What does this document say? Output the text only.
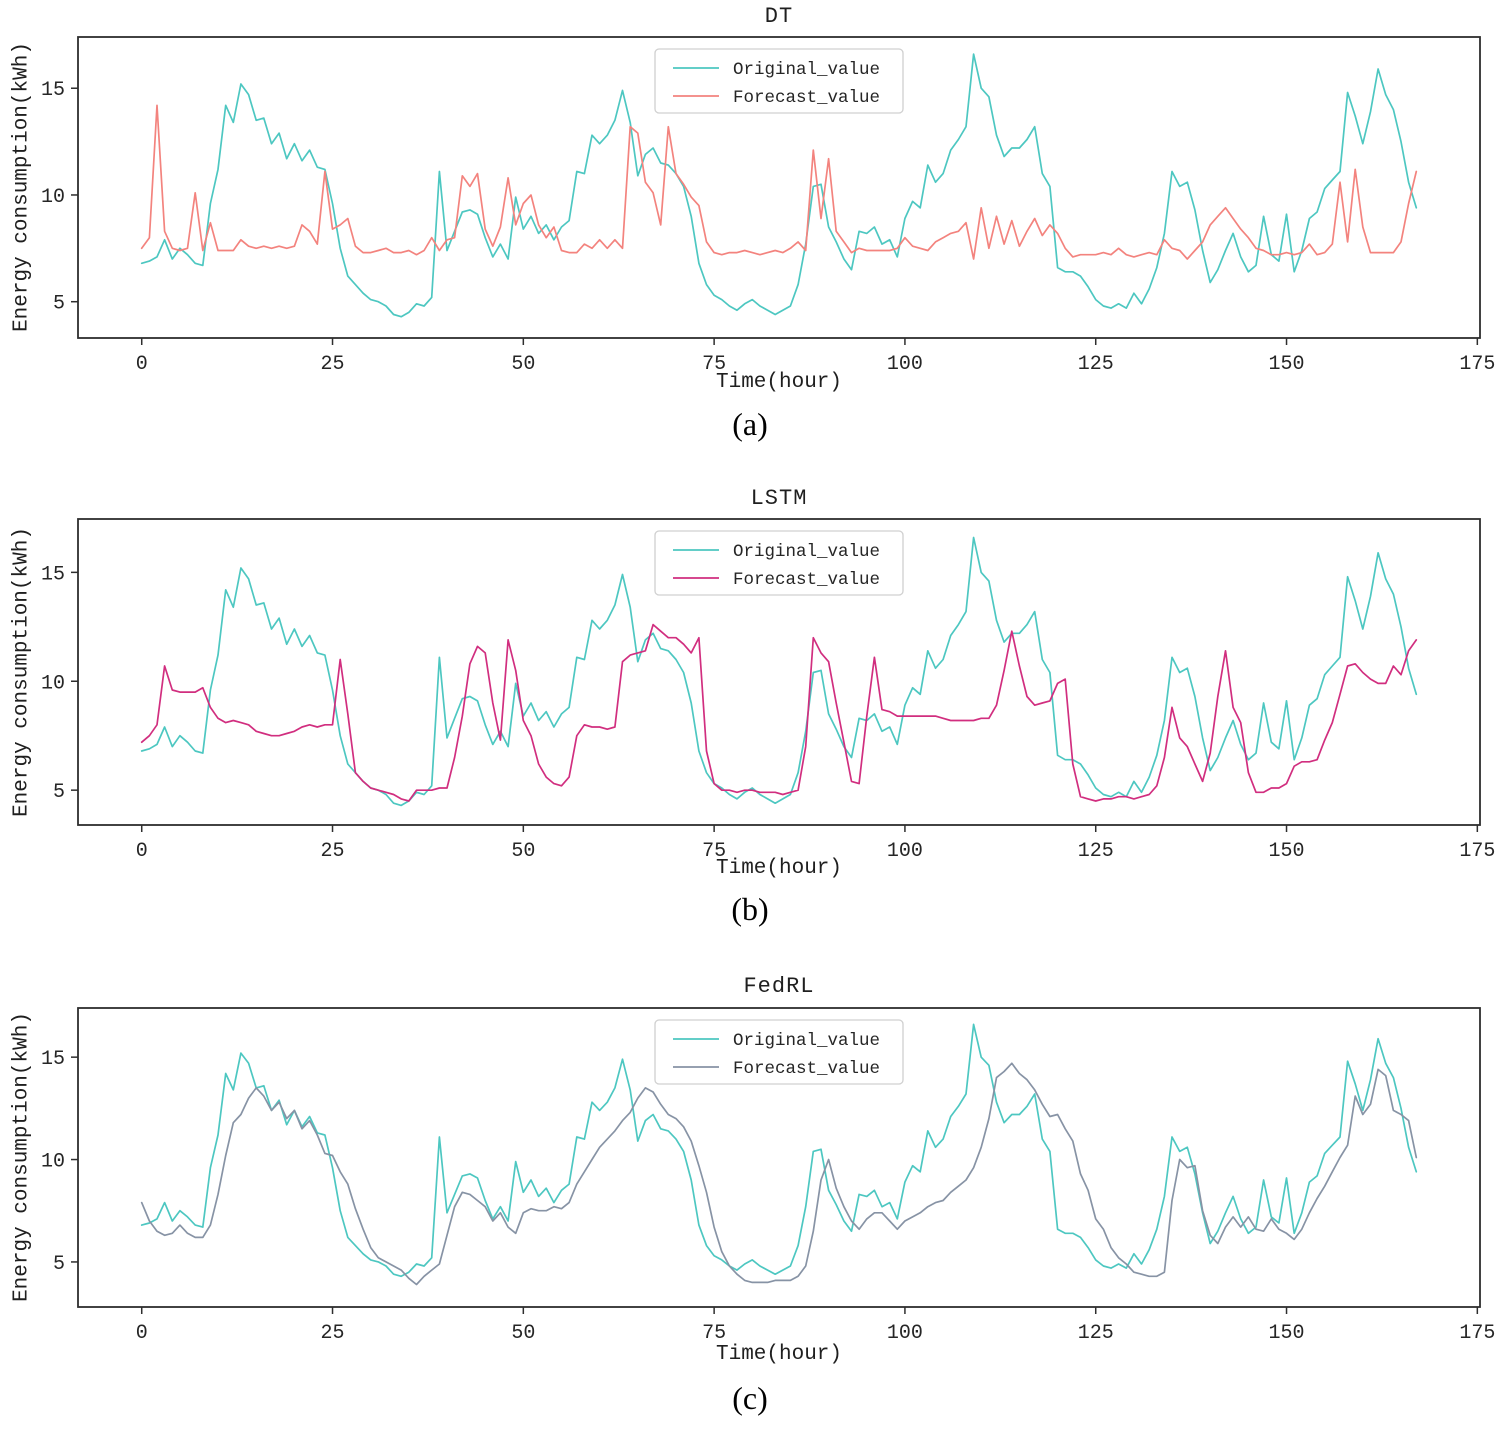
0	25	50	75	100	125	150	175
5
10
15
Original_value
Forecast_value
0	25	50	75	100	125	150	175
5
10
15
Original_value
Forecast_value
0	25	50	75	100	125	150	175
5
10
15
Original_value
Forecast_value
DT
LSTM
FedRL
Energy consumption(kWh)
Energy consumption(kWh)
Energy consumption(kWh)
Time(hour)
Time(hour)
Time(hour)
(a)
(b)
(c)
